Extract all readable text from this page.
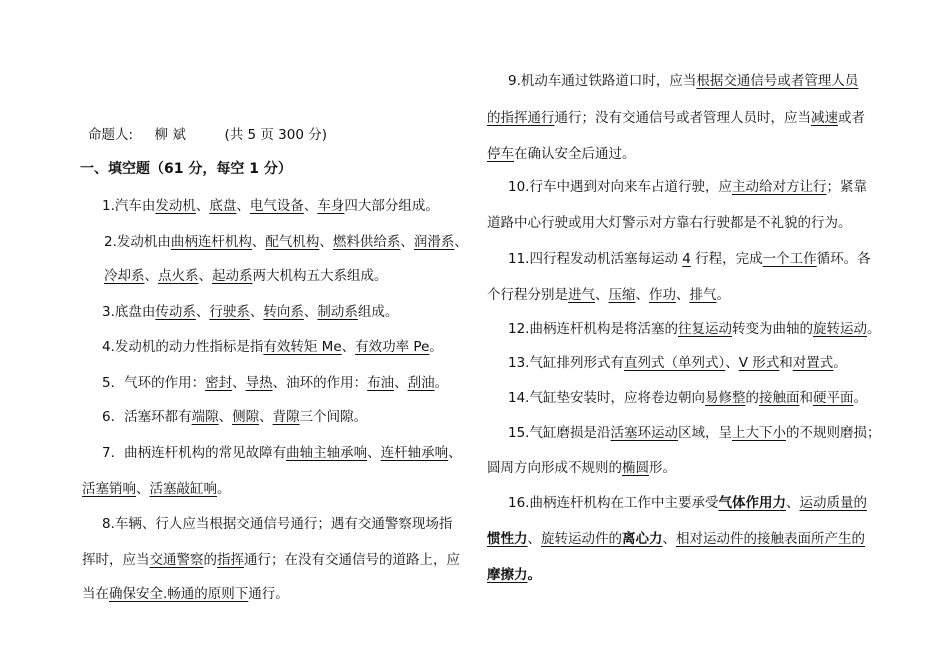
命题人: 柳 斌	(共 5 页 300 分)
一、填空题（61 分，每空 1 分）
1.汽车由发动机、底盘、电气设备、车身四大部分组成。
2.发动机由曲柄连杆机构、配气机构、燃料供给系、润滑系、
冷却系、点火系、起动系两大机构五大系组成。
3.底盘由传动系、行驶系、转向系、制动系组成。
4.发动机的动力性指标是指有效转矩 Me、有效功率 Pe。
5．气环的作用：密封、导热、油环的作用：布油、刮油。
6．活塞环都有端隙、侧隙、背隙三个间隙。
7．曲柄连杆机构的常见故障有曲轴主轴承响、连杆轴承响、
活塞销响、活塞敲缸响。
8.车辆、行人应当根据交通信号通行；遇有交通警察现场指
挥时，应当交通警察的指挥通行；在没有交通信号的道路上，应
当在确保安全.畅通的原则下通行。
9.机动车通过铁路道口时，应当根据交通信号或者管理人员
的指挥通行通行；没有交通信号或者管理人员时，应当减速或者
停车在确认安全后通过。
10.行车中遇到对向来车占道行驶，应主动给对方让行；紧靠
道路中心行驶或用大灯警示对方靠右行驶都是不礼貌的行为。
11.四行程发动机活塞每运动 4 行程，完成一个工作循环。各
个行程分别是进气、压缩、作功、排气。
12.曲柄连杆机构是将活塞的往复运动转变为曲轴的旋转运动。
13.气缸排列形式有直列式（单列式）、V 形式和对置式。
14.气缸垫安装时，应将卷边朝向易修整的接触面和硬平面。
15.气缸磨损是沿活塞环运动区域，呈上大下小的不规则磨损；
圆周方向形成不规则的椭圆形。
16.曲柄连杆机构在工作中主要承受气体作用力、运动质量的
惯性力、旋转运动件的离心力、相对运动件的接触表面所产生的
摩擦力。
